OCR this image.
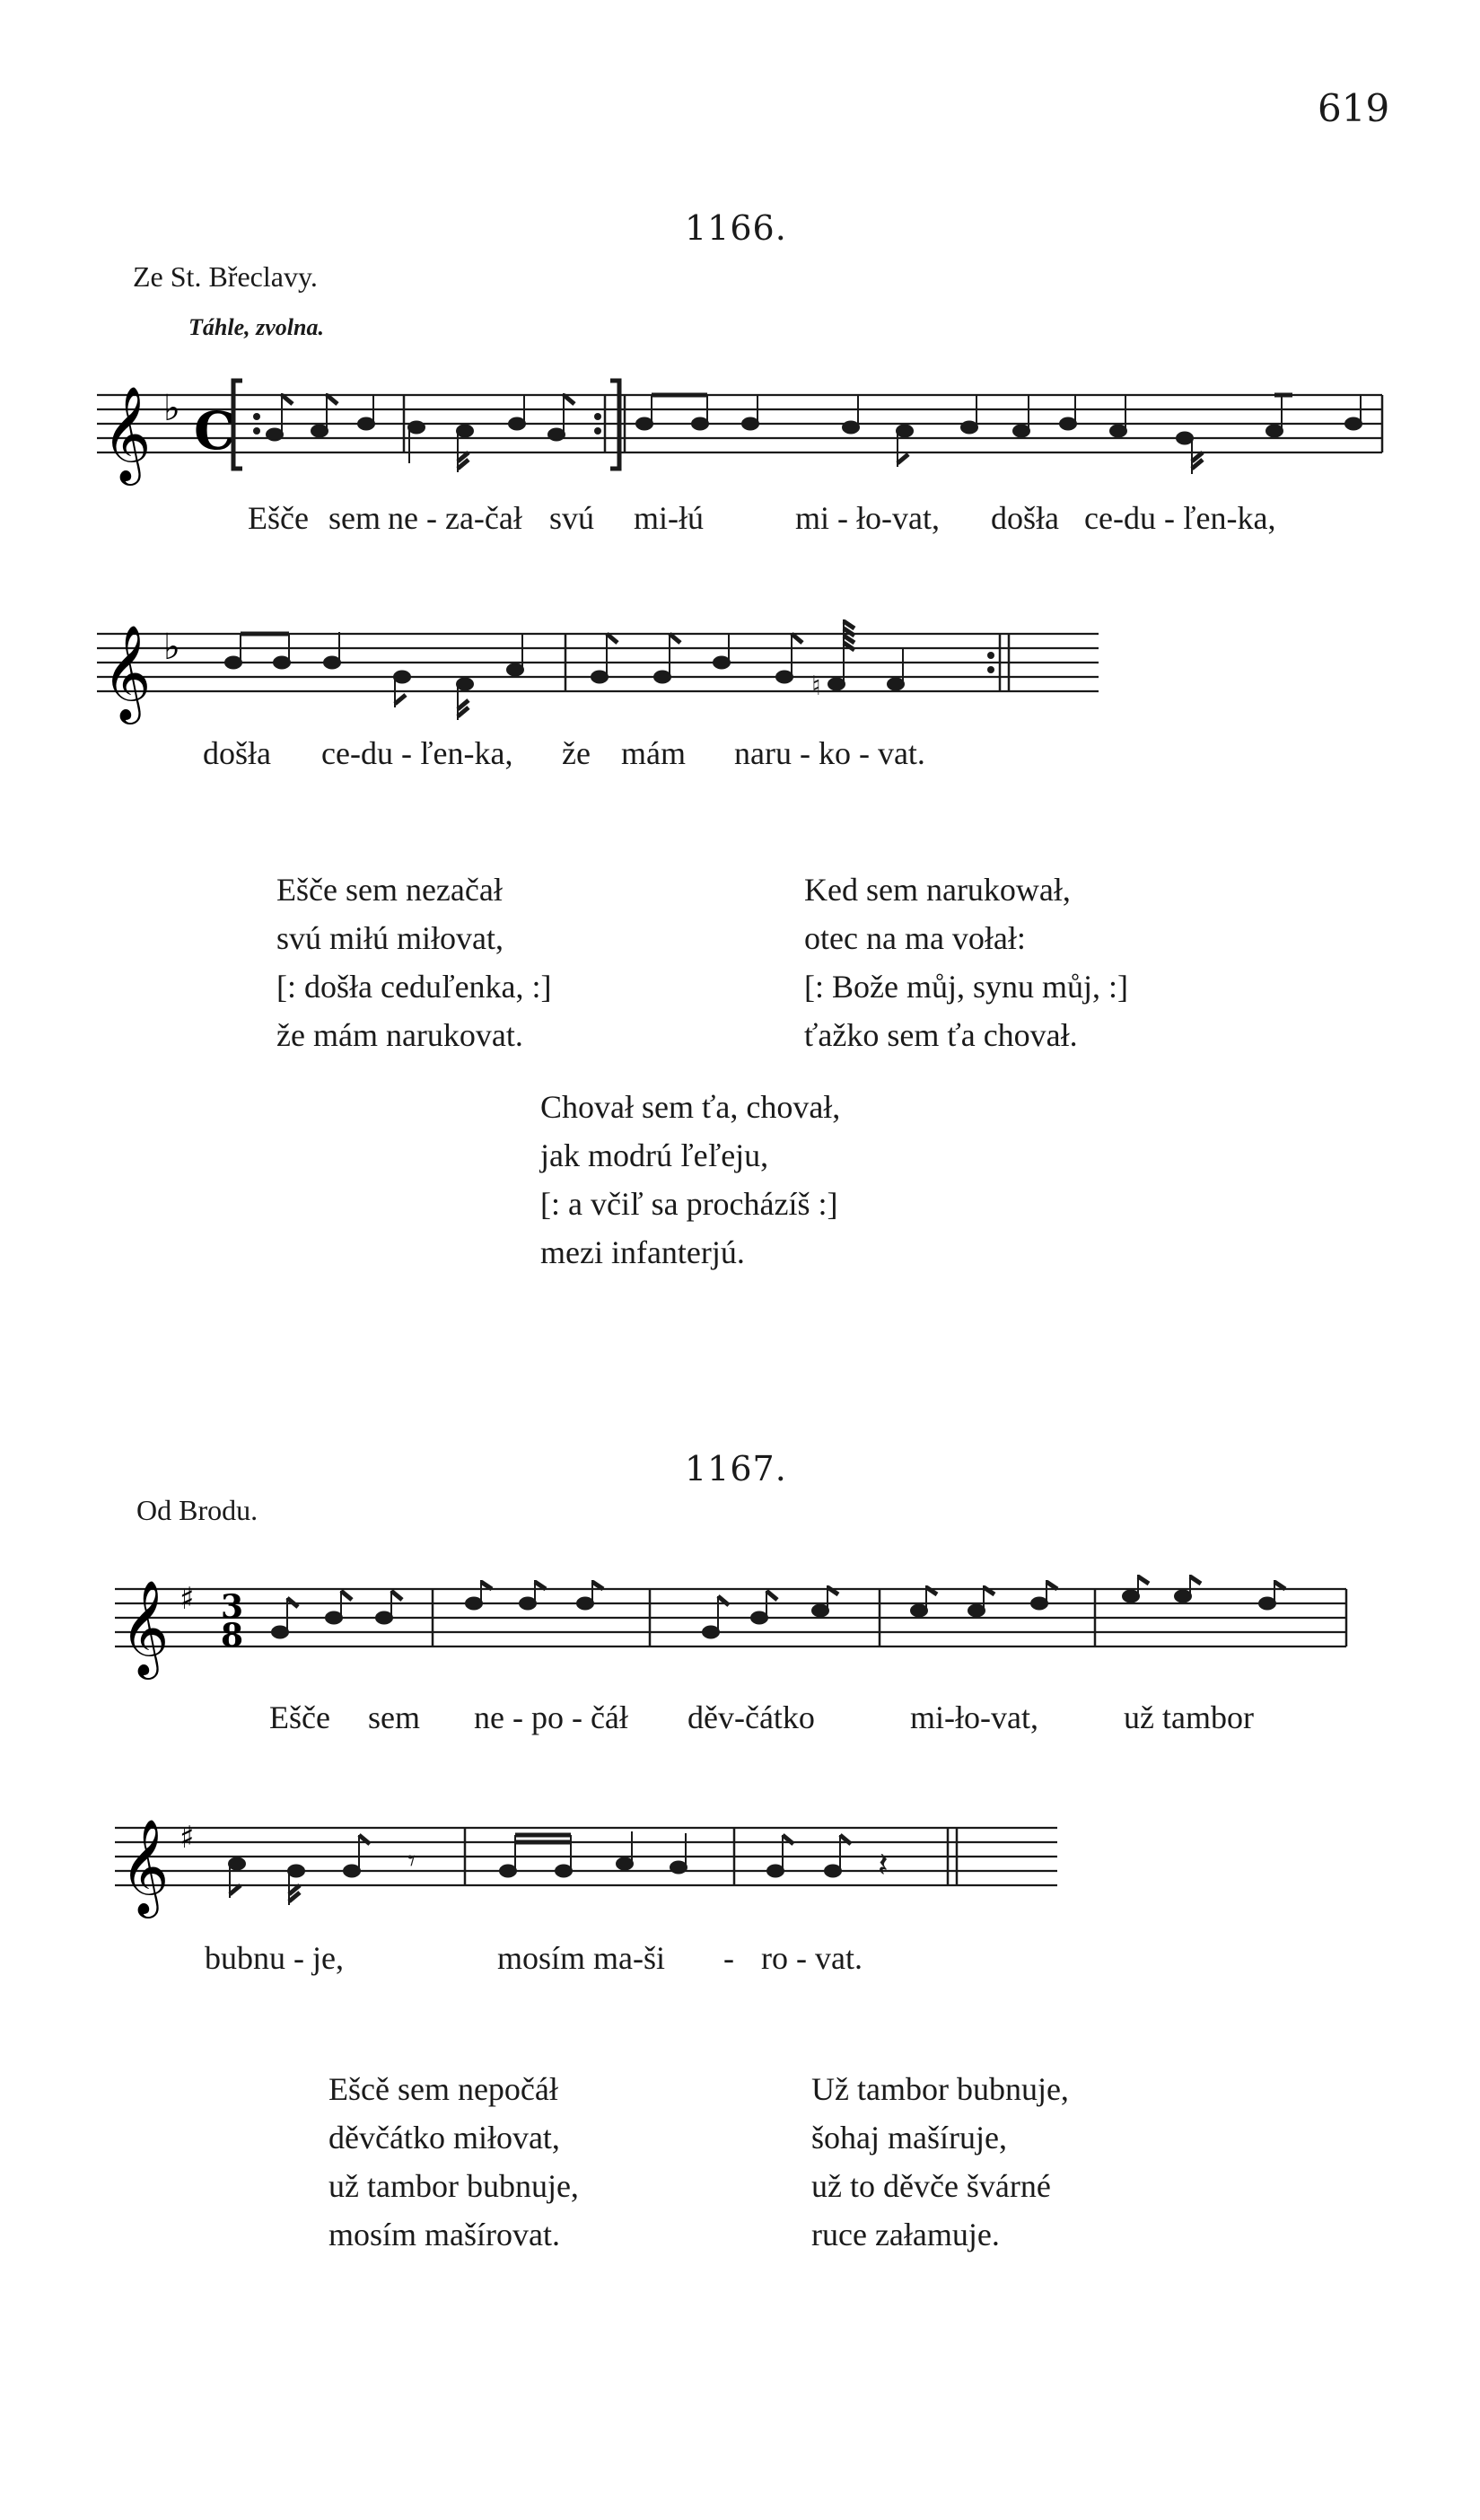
619
1166.
Ze St. Břeclavy.
Táhle, zvolna.
𝄞 ♭ C
Ešče sem ne - za-čał svú mi-łú	mi - ło-vat, došła ce-du - ľen-ka,
𝄞 ♭
♮
došła ce-du - ľen-ka, že mám naru - ko - vat.
Ešče sem nezačał
svú miłú miłovat,
[: došła ceduľenka, :]
že mám narukovat.
Ked sem narukował,
otec na ma vołał:
[: Bože můj, synu můj, :]
ťažko sem ťa chovał.
Chovał sem ťa, chovał,
jak modrú ľeľeju,
[: a včiľ sa procházíš :]
mezi infanterjú.
1167.
Od Brodu.
𝄞 ♯ 3
8
Ešče sem ne - po - čáł děv-čátko	mi-ło-vat,	už tambor
𝄞 ♯
𝄾	𝄽
bubnu - je,	mosím ma-ši - ro - vat.
Ešcě sem nepočáł
děvčátko miłovat,
už tambor bubnuje,
mosím mašírovat.
Už tambor bubnuje,
šohaj mašíruje,
už to děvče švárné
ruce załamuje.
